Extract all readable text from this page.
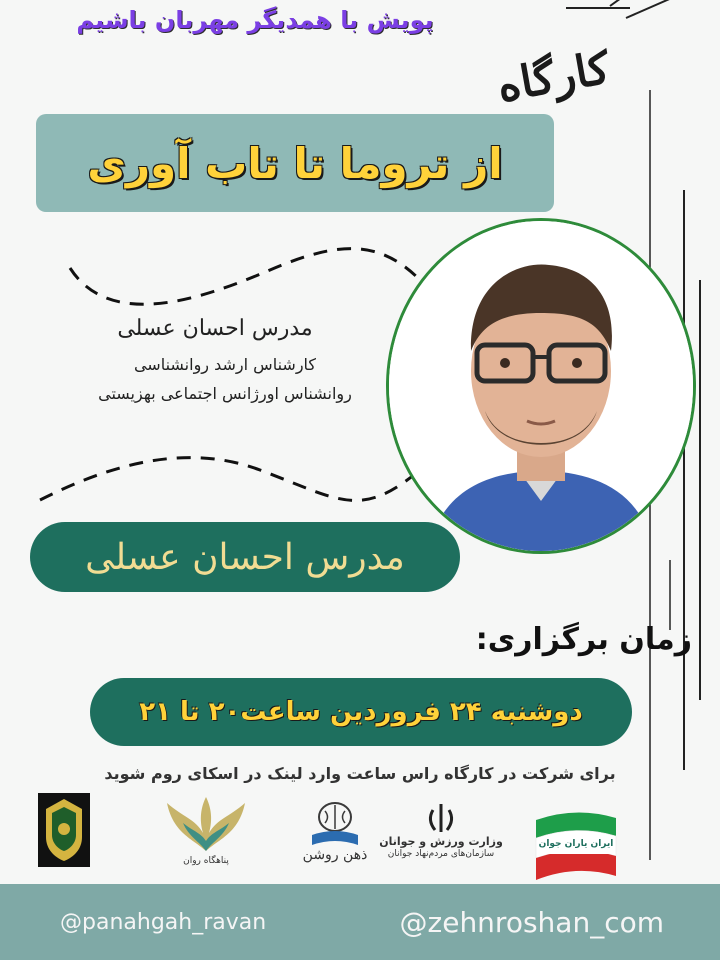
پویش با همدیگر مهربان باشیم
کارگاه
از تروما تا تاب آوری
مدرس احسان عسلی
کارشناس ارشد روانشناسی
روانشناس اورژانس اجتماعی بهزیستی
مدرس احسان عسلی
زمان برگزاری:
دوشنبه ۲۴ فروردین ساعت۲۰ تا ۲۱
برای شرکت در کارگاه راس ساعت وارد لینک در اسکای روم شوید
پناهگاه روان	ذهن روشن
وزارت ورزش و جوانان
سازمان‌های مردم‌نهاد جوانان
ایران یاران جوان
@panahgah_ravan	@zehnroshan_com
